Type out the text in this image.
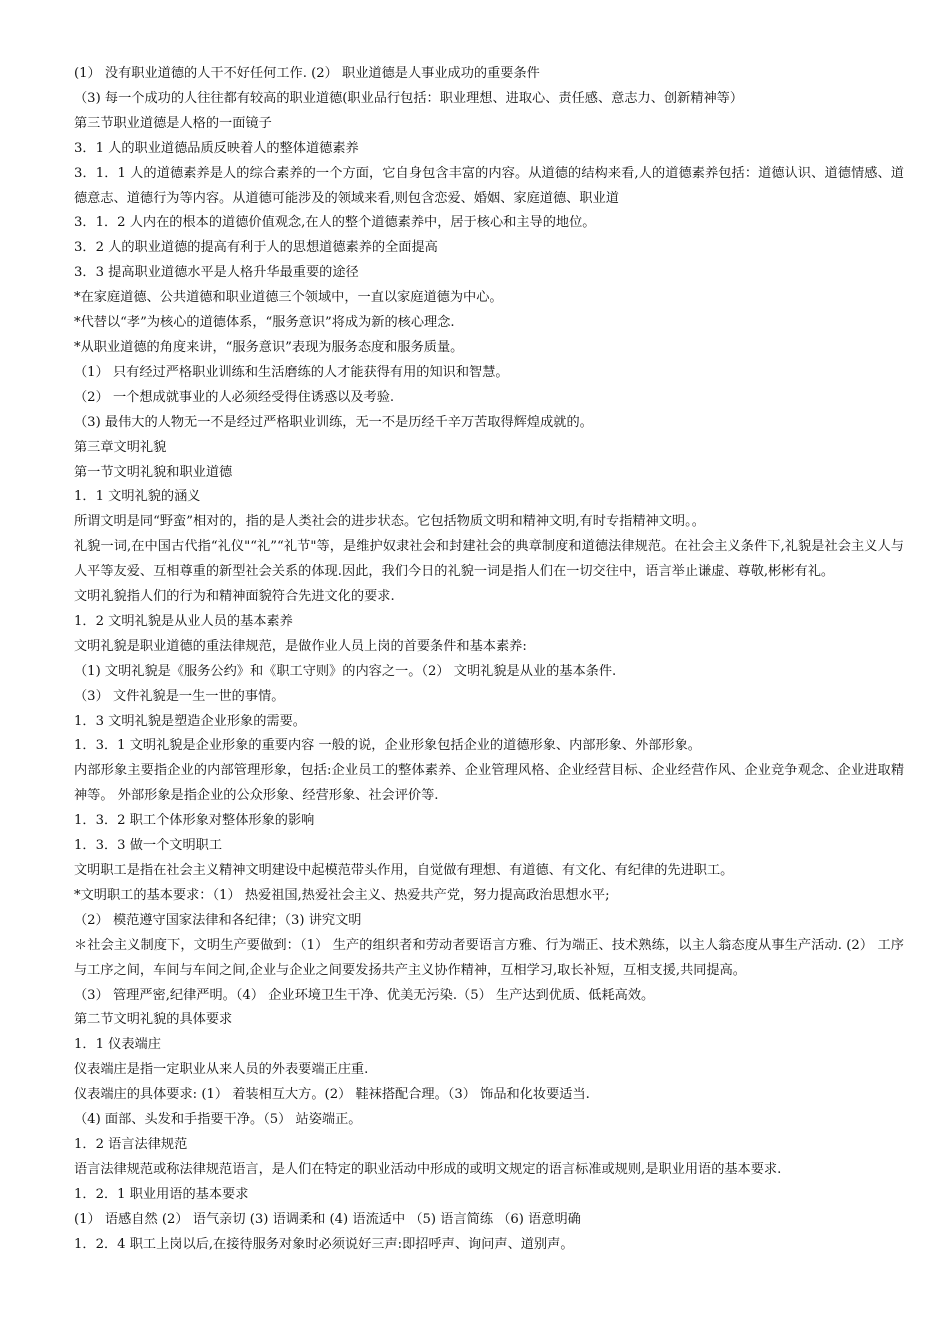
(1） 没有职业道德的人干不好任何工作. (2） 职业道德是人事业成功的重要条件

（3) 每一个成功的人往往都有较高的职业道德(职业品行包括：职业理想、进取心、责任感、意志力、创新精神等）

第三节职业道德是人格的一面镜子

3．1 人的职业道德品质反映着人的整体道德素养

3．1．1 人的道德素养是人的综合素养的一个方面，它自身包含丰富的内容。从道德的结构来看,人的道德素养包括：道德认识、道德情感、道德意志、道德行为等内容。从道德可能涉及的领域来看,则包含恋爱、婚姻、家庭道德、职业道

3．1．2 人内在的根本的道德价值观念,在人的整个道德素养中，居于核心和主导的地位。

3．2 人的职业道德的提高有利于人的思想道德素养的全面提高

3．3 提高职业道德水平是人格升华最重要的途径

*在家庭道德、公共道德和职业道德三个领域中，一直以家庭道德为中心。

*代替以“孝”为核心的道德体系，“服务意识”将成为新的核心理念.

*从职业道德的角度来讲，“服务意识”表现为服务态度和服务质量。

（1） 只有经过严格职业训练和生活磨练的人才能获得有用的知识和智慧。

（2） 一个想成就事业的人必须经受得住诱惑以及考验.

（3) 最伟大的人物无一不是经过严格职业训练，无一不是历经千辛万苦取得辉煌成就的。

第三章文明礼貌

第一节文明礼貌和职业道德

1．1 文明礼貌的涵义

所谓文明是同“野蛮”相对的，指的是人类社会的进步状态。它包括物质文明和精神文明,有时专指精神文明。。

礼貌一词,在中国古代指“礼仪"“礼”“礼节"等，是维护奴隶社会和封建社会的典章制度和道德法律规范。在社会主义条件下,礼貌是社会主义人与人平等友爱、互相尊重的新型社会关系的体现.因此，我们今日的礼貌一词是指人们在一切交往中，语言举止谦虚、尊敬,彬彬有礼。

文明礼貌指人们的行为和精神面貌符合先进文化的要求.

1．2 文明礼貌是从业人员的基本素养

文明礼貌是职业道德的重法律规范，是做作业人员上岗的首要条件和基本素养:

（1) 文明礼貌是《服务公约》和《职工守则》的内容之一。（2） 文明礼貌是从业的基本条件.

（3） 文件礼貌是一生一世的事情。

1．3 文明礼貌是塑造企业形象的需要。

1．3．1 文明礼貌是企业形象的重要内容 一般的说，企业形象包括企业的道德形象、内部形象、外部形象。

内部形象主要指企业的内部管理形象，包括:企业员工的整体素养、企业管理风格、企业经营目标、企业经营作风、企业竞争观念、企业进取精神等。 外部形象是指企业的公众形象、经营形象、社会评价等.

1．3．2 职工个体形象对整体形象的影响

1．3．3 做一个文明职工

文明职工是指在社会主义精神文明建设中起模范带头作用，自觉做有理想、有道德、有文化、有纪律的先进职工。

*文明职工的基本要求：（1） 热爱祖国,热爱社会主义、热爱共产党，努力提高政治思想水平;

（2） 模范遵守国家法律和各纪律；（3) 讲究文明

＊社会主义制度下，文明生产要做到：（1） 生产的组织者和劳动者要语言方雅、行为端正、技术熟练，以主人翁态度从事生产活动. (2） 工序与工序之间，车间与车间之间,企业与企业之间要发扬共产主义协作精神，互相学习,取长补短，互相支援,共同提高。

（3） 管理严密,纪律严明。（4） 企业环境卫生干净、优美无污染.（5） 生产达到优质、低耗高效。

第二节文明礼貌的具体要求

1．1 仪表端庄

仪表端庄是指一定职业从来人员的外表要端正庄重.

仪表端庄的具体要求: (1） 着装相互大方。(2） 鞋袜搭配合理。（3） 饰品和化妆要适当.

（4) 面部、头发和手指要干净。（5） 站姿端正。

1．2 语言法律规范

语言法律规范或称法律规范语言，是人们在特定的职业活动中形成的或明文规定的语言标准或规则,是职业用语的基本要求.

1．2．1 职业用语的基本要求

(1） 语感自然 (2） 语气亲切 (3) 语调柔和 (4) 语流适中 （5) 语言简练 （6) 语意明确

1．2．4 职工上岗以后,在接待服务对象时必须说好三声:即招呼声、询问声、道别声。
